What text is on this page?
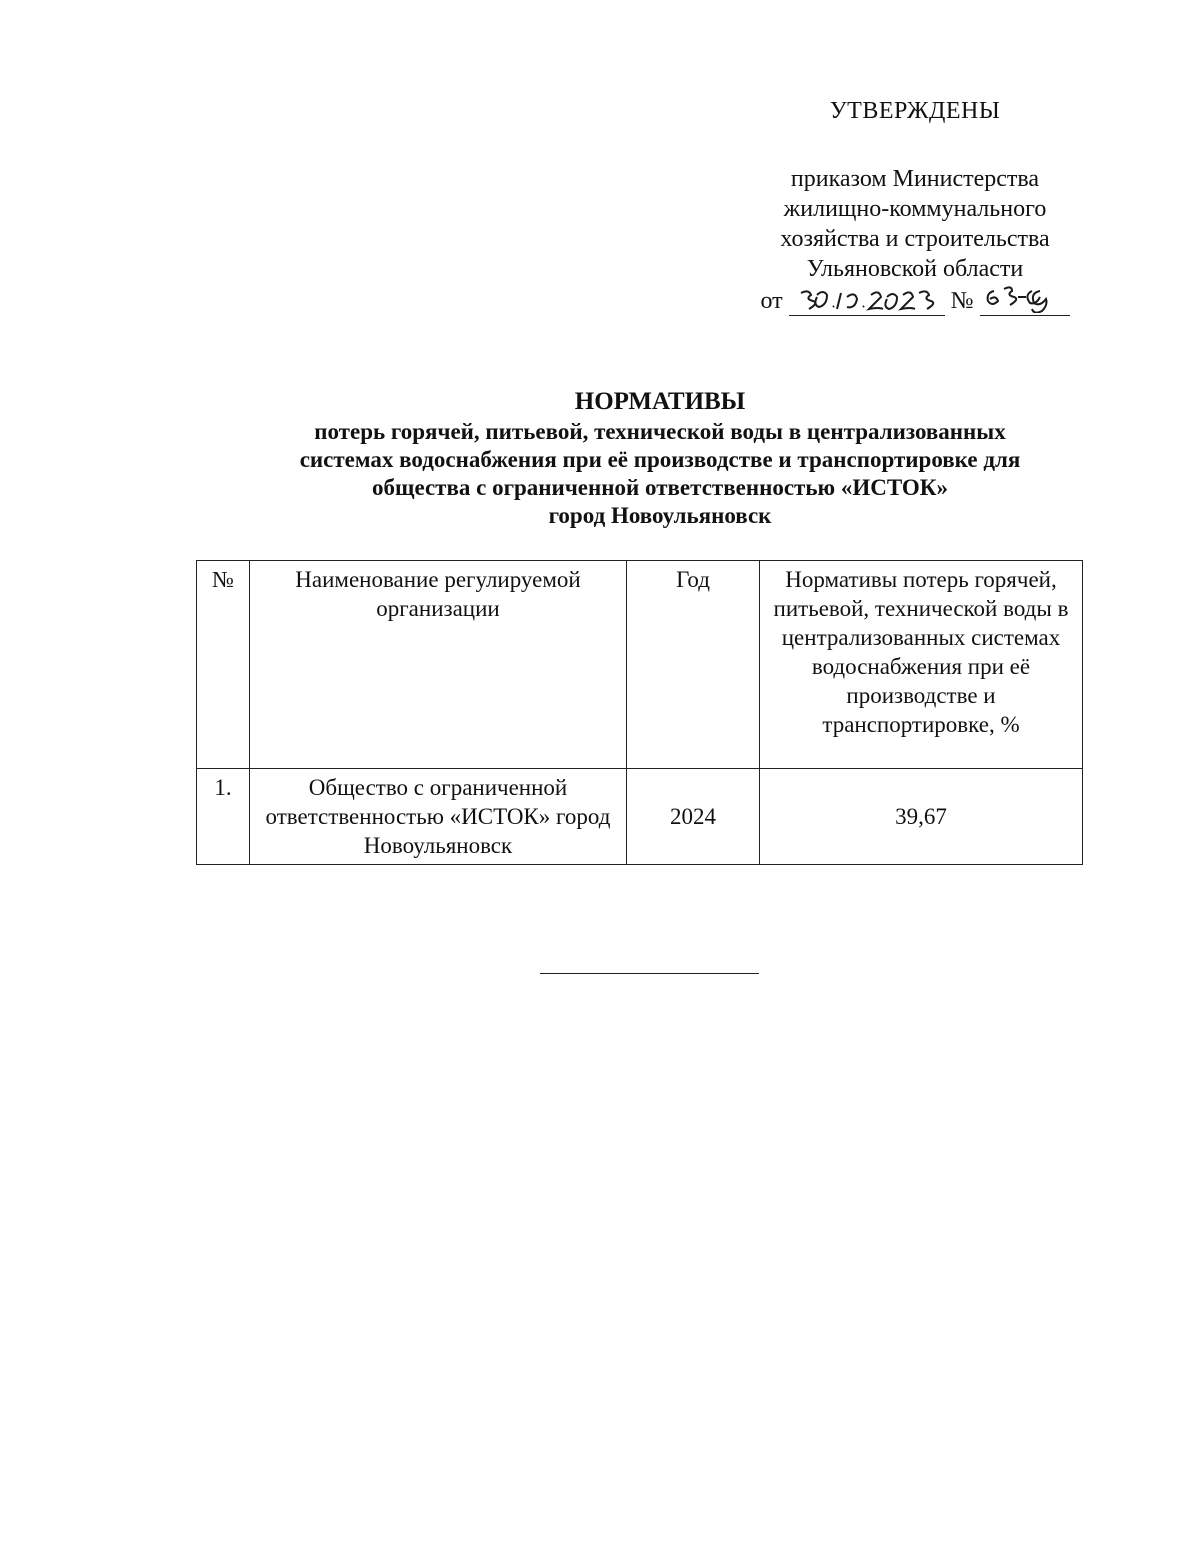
УТВЕРЖДЕНЫ
приказом Министерства
жилищно-коммунального
хозяйства и строительства
Ульяновской области
от	№
НОРМАТИВЫ
потерь горячей, питьевой, технической воды в централизованных
системах водоснабжения при её производстве и транспортировке для
общества с ограниченной ответственностью «ИСТОК»
город Новоульяновск
№	Наименование регулируемой организации	Год	Нормативы потерь горячей, питьевой, технической воды в централизованных системах водоснабжения при её производстве и транспортировке, %
1.	Общество с ограниченной ответственностью «ИСТОК» город Новоульяновск	2024	39,67
